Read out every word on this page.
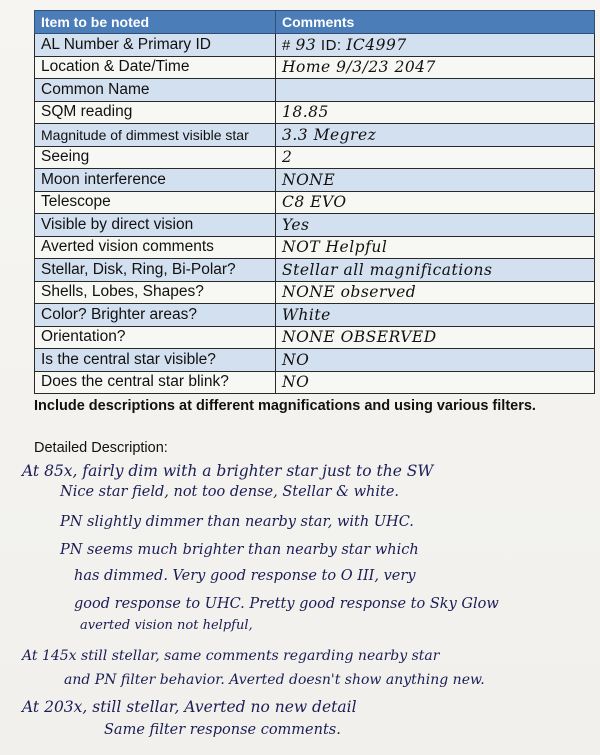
Item to be noted	Comments
AL Number & Primary ID	# 93 ID: IC4997
Location & Date/Time	Home 9/3/23 2047
Common Name	
SQM reading	18.85
Magnitude of dimmest visible star	3.3 Megrez
Seeing	2
Moon interference	NONE
Telescope	C8 EVO
Visible by direct vision	Yes
Averted vision comments	NOT Helpful
Stellar, Disk, Ring, Bi-Polar?	Stellar all magnifications
Shells, Lobes, Shapes?	NONE observed
Color? Brighter areas?	White
Orientation?	NONE OBSERVED
Is the central star visible?	NO
Does the central star blink?	NO
Include descriptions at different magnifications and using various filters.
Detailed Description:
At 85x, fairly dim with a brighter star just to the SW
Nice star field, not too dense, Stellar & white.
PN slightly dimmer than nearby star, with UHC.
PN seems much brighter than nearby star which
has dimmed. Very good response to O III, very
good response to UHC. Pretty good response to Sky Glow
averted vision not helpful,
At 145x still stellar, same comments regarding nearby star
and PN filter behavior. Averted doesn't show anything new.
At 203x, still stellar, Averted no new detail
Same filter response comments.
